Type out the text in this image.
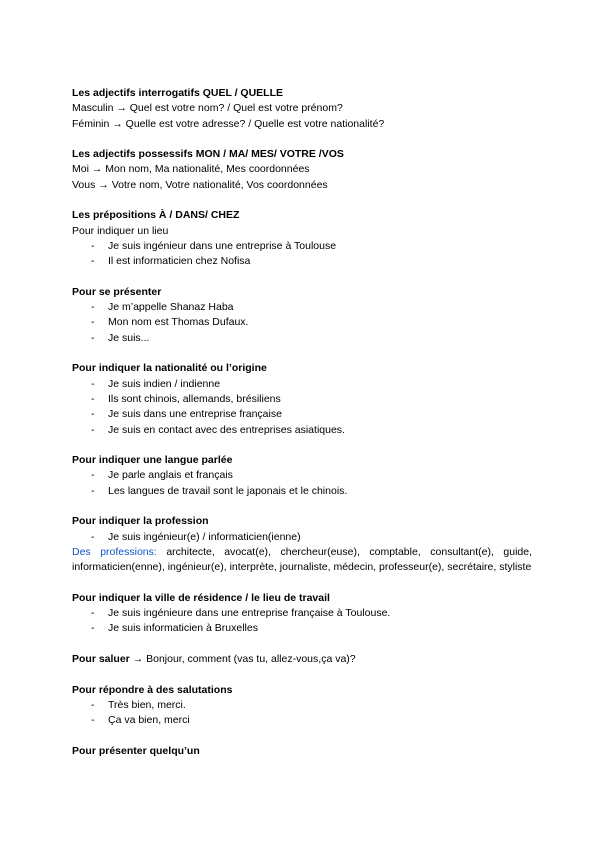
Les adjectifs interrogatifs QUEL / QUELLE
Masculin → Quel est votre nom? / Quel est votre prénom?
Féminin → Quelle est votre adresse? / Quelle est votre nationalité?
Les adjectifs possessifs MON / MA/ MES/ VOTRE /VOS
Moi → Mon nom, Ma nationalité, Mes coordonnées
Vous → Votre nom, Votre nationalité, Vos coordonnées
Les prépositions À / DANS/ CHEZ
Pour indiquer un lieu
- Je suis ingénieur dans une entreprise à Toulouse
- Il est informaticien chez Nofisa
Pour se présenter
- Je m’appelle Shanaz Haba
- Mon nom est Thomas Dufaux.
- Je suis...
Pour indiquer la nationalité ou l’origine
- Je suis indien / indienne
- Ils sont chinois, allemands, brésiliens
- Je suis dans une entreprise française
- Je suis en contact avec des entreprises asiatiques.
Pour indiquer une langue parlée
- Je parle anglais et français
- Les langues de travail sont le japonais et le chinois.
Pour indiquer la profession
- Je suis ingénieur(e) / informaticien(ienne)
Des professions: architecte, avocat(e), chercheur(euse), comptable, consultant(e), guide, informaticien(enne), ingénieur(e), interprète, journaliste, médecin, professeur(e), secrétaire, styliste
Pour indiquer la ville de résidence / le lieu de travail
- Je suis ingénieure dans une entreprise française à Toulouse.
- Je suis informaticien à Bruxelles
Pour saluer → Bonjour, comment (vas tu, allez-vous,ça va)?
Pour répondre à des salutations
- Très bien, merci.
- Ça va bien, merci
Pour présenter quelqu’un
